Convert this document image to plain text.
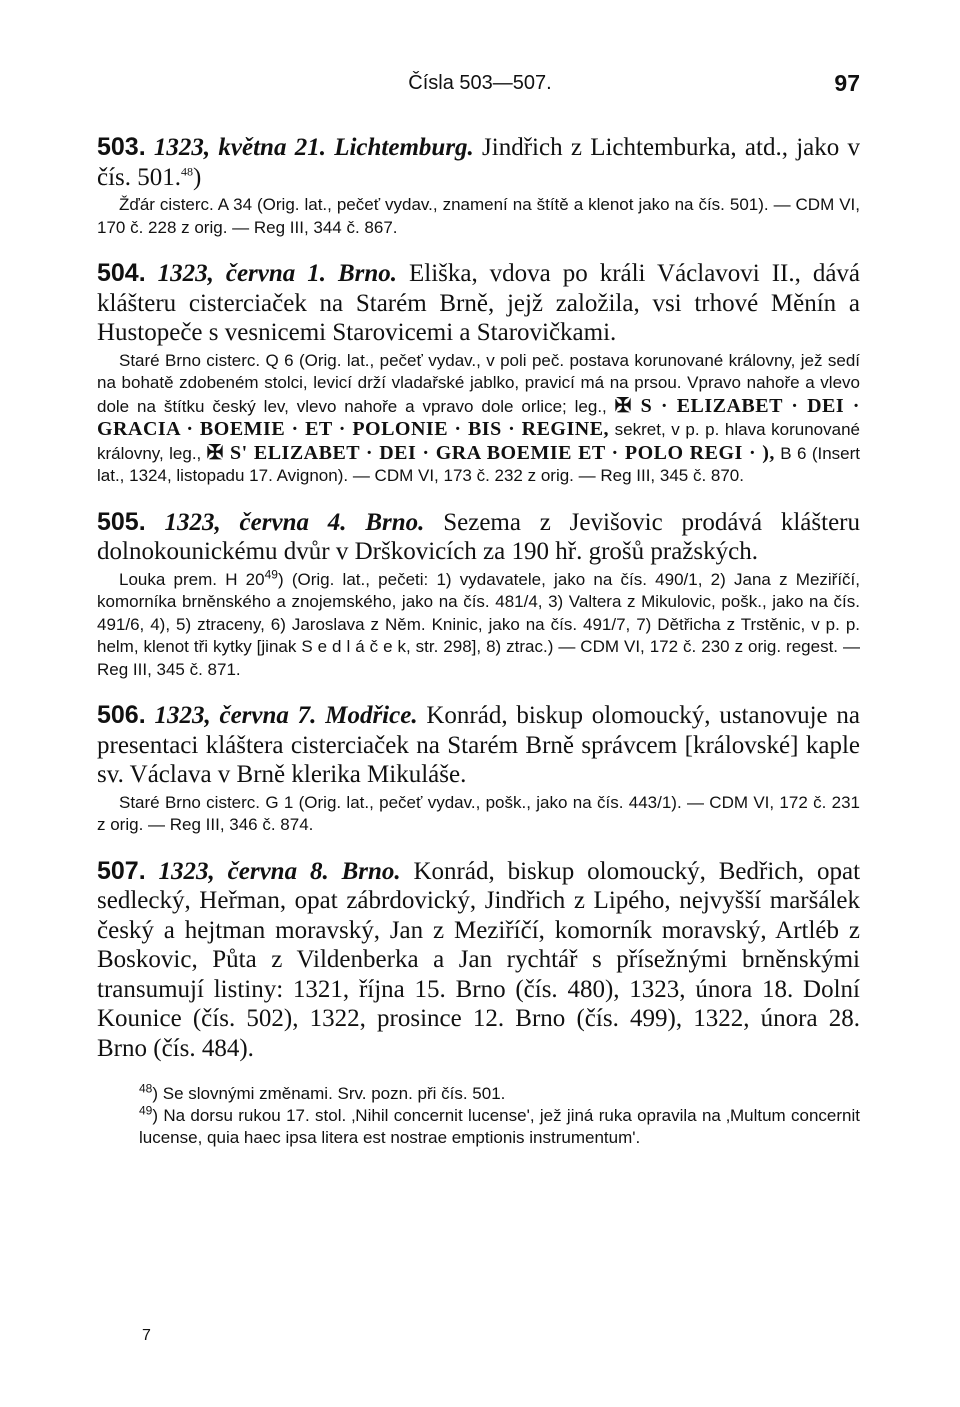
Čísla 503—507.	97

503. 1323, května 21. Lichtemburg. Jindřich z Lichtemburka, atd., jako v čís. 501.48)

Žďár cisterc. A 34 (Orig. lat., pečeť vydav., znamení na štítě a klenot jako na čís. 501). — CDM VI, 170 č. 228 z orig. — Reg III, 344 č. 867.

504. 1323, června 1. Brno. Eliška, vdova po králi Václavovi II., dává klášteru cisterciaček na Starém Brně, jejž založila, vsi trhové Měnín a Hustopeče s vesnicemi Starovicemi a Starovičkami.

Staré Brno cisterc. Q 6 (Orig. lat., pečeť vydav., v poli peč. postava korunované královny, jež sedí na bohatě zdobeném stolci, levicí drží vladařské jablko, pravicí má na prsou. Vpravo nahoře a vlevo dole na štítku český lev, vlevo nahoře a vpravo dole orlice; leg., ✠ S · ELIZABET · DEI · GRACIA · BOEMIE · ET · POLONIE · BIS · REGINE, sekret, v p. p. hlava korunované královny, leg., ✠ S' ELIZABET · DEI · GRA BOEMIE ET · POLO REGI · ), B 6 (Insert lat., 1324, listopadu 17. Avignon). — CDM VI, 173 č. 232 z orig. — Reg III, 345 č. 870.

505. 1323, června 4. Brno. Sezema z Jevišovic prodává klášteru dolnokounickému dvůr v Drškovicích za 190 hř. grošů pražských.

Louka prem. H $20^{49}$) (Orig. lat., pečeti: 1) vydavatele, jako na čís. 490/1, 2) Jana z Meziříčí, komorníka brněnského a znojemského, jako na čís. 481/4, 3) Valtera z Mikulovic, pošk., jako na čís. 491/6, 4), 5) ztraceny, 6) Jaroslava z Něm. Kninic, jako na čís. 491/7, 7) Dětřicha z Trstěnic, v p. p. helm, klenot tři kytky [jinak S e d l á č e k, str. 298], 8) ztrac.) — CDM VI, 172 č. 230 z orig. regest. — Reg III, 345 č. 871.

506. 1323, června 7. Modřice. Konrád, biskup olomoucký, ustanovuje na presentaci kláštera cisterciaček na Starém Brně správcem [královské] kaple sv. Václava v Brně klerika Mikuláše.

Staré Brno cisterc. G 1 (Orig. lat., pečeť vydav., pošk., jako na čís. 443/1). — CDM VI, 172 č. 231 z orig. — Reg III, 346 č. 874.

507. 1323, června 8. Brno. Konrád, biskup olomoucký, Bedřich, opat sedlecký, Heřman, opat zábrdovický, Jindřich z Lipého, nejvyšší maršálek český a hejtman moravský, Jan z Meziříčí, komorník moravský, Artléb z Boskovic, Půta z Vildenberka a Jan rychtář s přísežnými brněnskými transumují listiny: 1321, října 15. Brno (čís. 480), 1323, února 18. Dolní Kounice (čís. 502), 1322, prosince 12. Brno (čís. 499), 1322, února 28. Brno (čís. 484).

$^{48}$) Se slovnými změnami. Srv. pozn. při čís. 501.

$^{49}$) Na dorsu rukou 17. stol. ‚Nihil concernit lucense', jež jiná ruka opravila na ‚Multum concernit lucense, quia haec ipsa litera est nostrae emptionis instrumentum'.

7
